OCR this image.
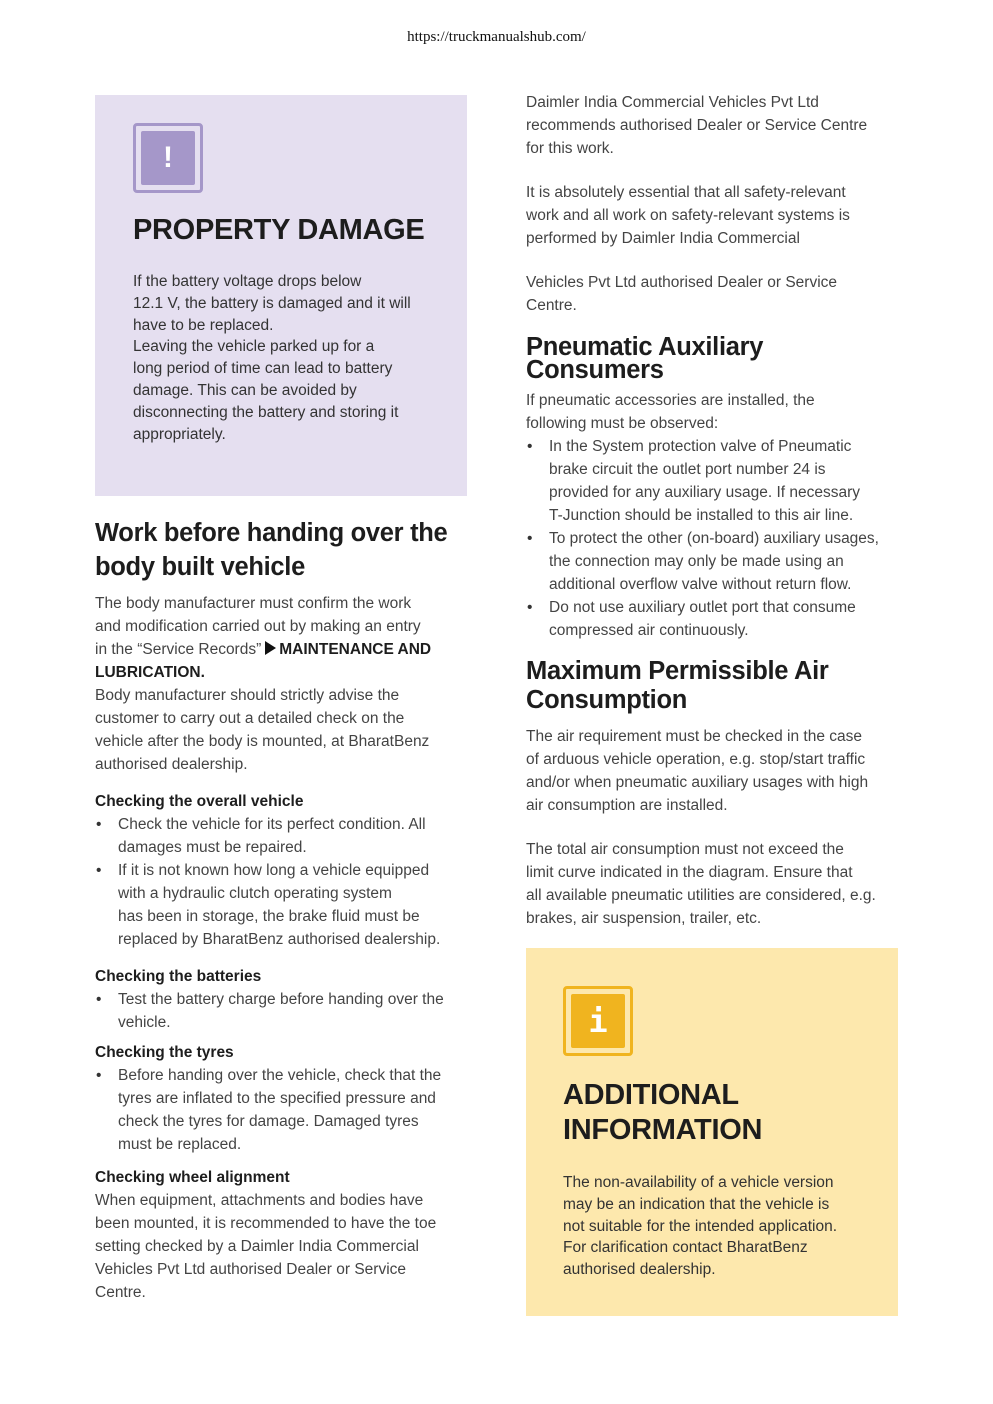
https://truckmanualshub.com/
!
PROPERTY DAMAGE
If the battery voltage drops below
12.1 V, the battery is damaged and it will
have to be replaced.
Leaving the vehicle parked up for a
long period of time can lead to battery
damage. This can be avoided by
disconnecting the battery and storing it
appropriately.
Work before handing over the
body built vehicle

The body manufacturer must confirm the work
and modification carried out by making an entry
in the “Service Records” MAINTENANCE AND
LUBRICATION.

Body manufacturer should strictly advise the
customer to carry out a detailed check on the
vehicle after the body is mounted, at BharatBenz
authorised dealership.

Checking the overall vehicle
• Check the vehicle for its perfect condition. All
damages must be repaired.
• If it is not known how long a vehicle equipped
with a hydraulic clutch operating system
has been in storage, the brake fluid must be
replaced by BharatBenz authorised dealership.
Checking the batteries
• Test the battery charge before handing over the
vehicle.
Checking the tyres
• Before handing over the vehicle, check that the
tyres are inflated to the specified pressure and
check the tyres for damage. Damaged tyres
must be replaced.
Checking wheel alignment

When equipment, attachments and bodies have
been mounted, it is recommended to have the toe
setting checked by a Daimler India Commercial
Vehicles Pvt Ltd authorised Dealer or Service
Centre.

Daimler India Commercial Vehicles Pvt Ltd
recommends authorised Dealer or Service Centre
for this work.

It is absolutely essential that all safety-relevant
work and all work on safety-relevant systems is
performed by Daimler India Commercial

Vehicles Pvt Ltd authorised Dealer or Service
Centre.

Pneumatic Auxiliary
Consumers

If pneumatic accessories are installed, the
following must be observed:

• In the System protection valve of Pneumatic
brake circuit the outlet port number 24 is
provided for any auxiliary usage. If necessary
T-Junction should be installed to this air line.
• To protect the other (on-board) auxiliary usages,
the connection may only be made using an
additional overflow valve without return flow.
• Do not use auxiliary outlet port that consume
compressed air continuously.
Maximum Permissible Air
Consumption

The air requirement must be checked in the case
of arduous vehicle operation, e.g. stop/start traffic
and/or when pneumatic auxiliary usages with high
air consumption are installed.

The total air consumption must not exceed the
limit curve indicated in the diagram. Ensure that
all available pneumatic utilities are considered, e.g.
brakes, air suspension, trailer, etc.

i
ADDITIONAL
INFORMATION
The non-availability of a vehicle version
may be an indication that the vehicle is
not suitable for the intended application.
For clarification contact BharatBenz
authorised dealership.
